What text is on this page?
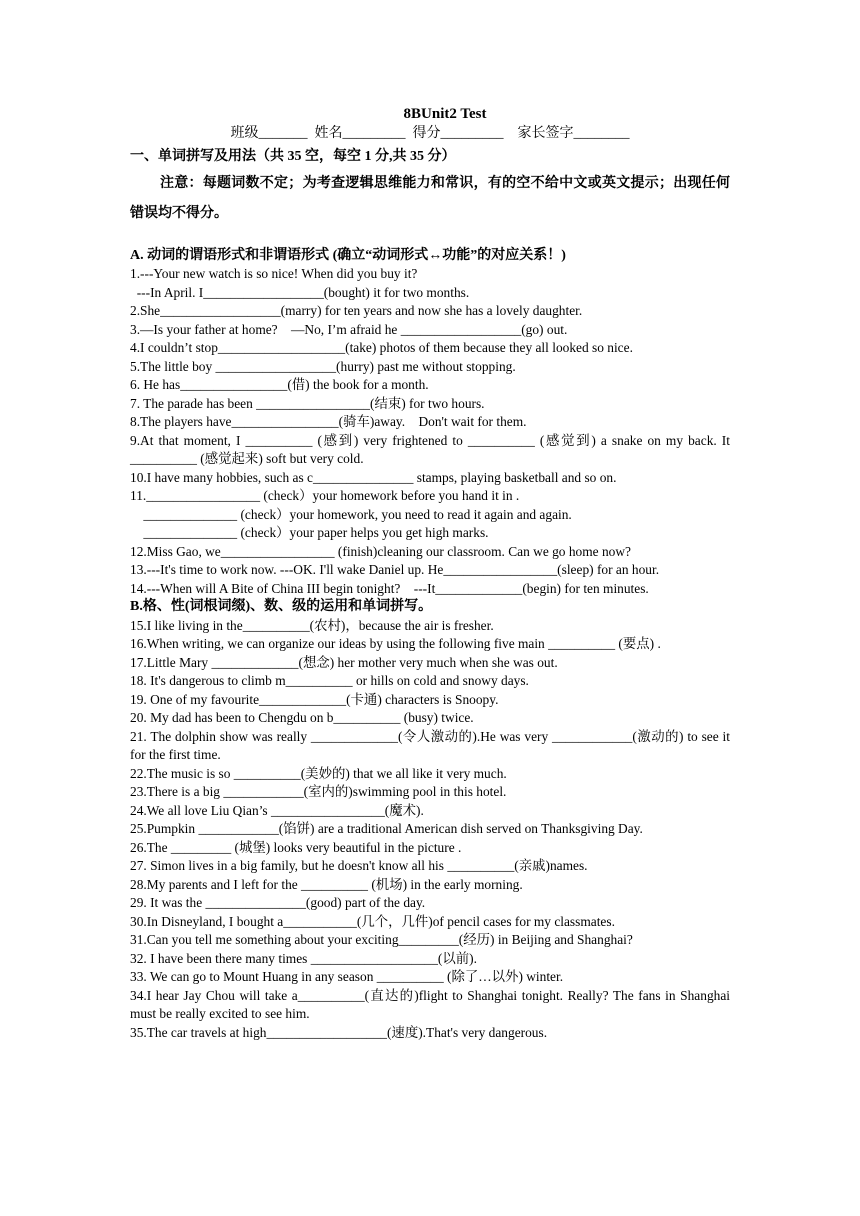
8BUnit2 Test
班级_______  姓名_________  得分_________    家长签字________
一、单词拼写及用法（共 35 空，每空 1 分,共 35 分）
注意：每题词数不定；为考查逻辑思维能力和常识，有的空不给中文或英文提示；出现任何错误均不得分。
A. 动词的谓语形式和非谓语形式 (确立“动词形式↔功能”的对应关系！)
1.---Your new watch is so nice! When did you buy it?
---In April. I__________________(bought) it for two months.
2.She__________________(marry) for ten years and now she has a lovely daughter.
3.—Is your father at home?    —No, I’m afraid he __________________(go) out.
4.I couldn’t stop___________________(take) photos of them because they all looked so nice.
5.The little boy __________________(hurry) past me without stopping.
6. He has________________(借) the book for a month.
7. The parade has been _________________(结束) for two hours.
8.The players have________________(骑车)away.    Don't wait for them.
9.At that moment, I __________ (感到) very frightened to __________ (感觉到) a snake on my back. It __________ (感觉起来) soft but very cold.
10.I have many hobbies, such as c_______________ stamps, playing basketball and so on.
11._________________ (check）your homework before you hand it in .
______________ (check）your homework, you need to read it again and again.
______________ (check）your paper helps you get high marks.
12.Miss Gao, we_________________ (finish)cleaning our classroom. Can we go home now?
13.---It's time to work now. ---OK. I'll wake Daniel up. He_________________(sleep) for an hour.
14.---When will A Bite of China III begin tonight?    ---It_____________(begin) for ten minutes.
B.格、性(词根词缀)、数、级的运用和单词拼写。
15.I like living in the__________(农村)，because the air is fresher.
16.When writing, we can organize our ideas by using the following five main __________ (要点) .
17.Little Mary _____________(想念) her mother very much when she was out.
18. It's dangerous to climb m__________ or hills on cold and snowy days.
19. One of my favourite_____________(卡通) characters is Snoopy.
20. My dad has been to Chengdu on b__________ (busy) twice.
21. The dolphin show was really _____________(令人激动的).He was very ____________(激动的) to see it for the first time.
22.The music is so __________(美妙的) that we all like it very much.
23.There is a big ____________(室内的)swimming pool in this hotel.
24.We all love Liu Qian’s _________________(魔术).
25.Pumpkin ____________(馅饼) are a traditional American dish served on Thanksgiving Day.
26.The _________ (城堡) looks very beautiful in the picture .
27. Simon lives in a big family, but he doesn't know all his __________(亲戚)names.
28.My parents and I left for the __________ (机场) in the early morning.
29. It was the _______________(good) part of the day.
30.In Disneyland, I bought a___________(几个，几件)of pencil cases for my classmates.
31.Can you tell me something about your exciting_________(经历) in Beijing and Shanghai?
32. I have been there many times ___________________(以前).
33. We can go to Mount Huang in any season __________ (除了…以外) winter.
34.I hear Jay Chou will take a__________(直达的)flight to Shanghai tonight. Really? The fans in Shanghai must be really excited to see him.
35.The car travels at high__________________(速度).That's very dangerous.
